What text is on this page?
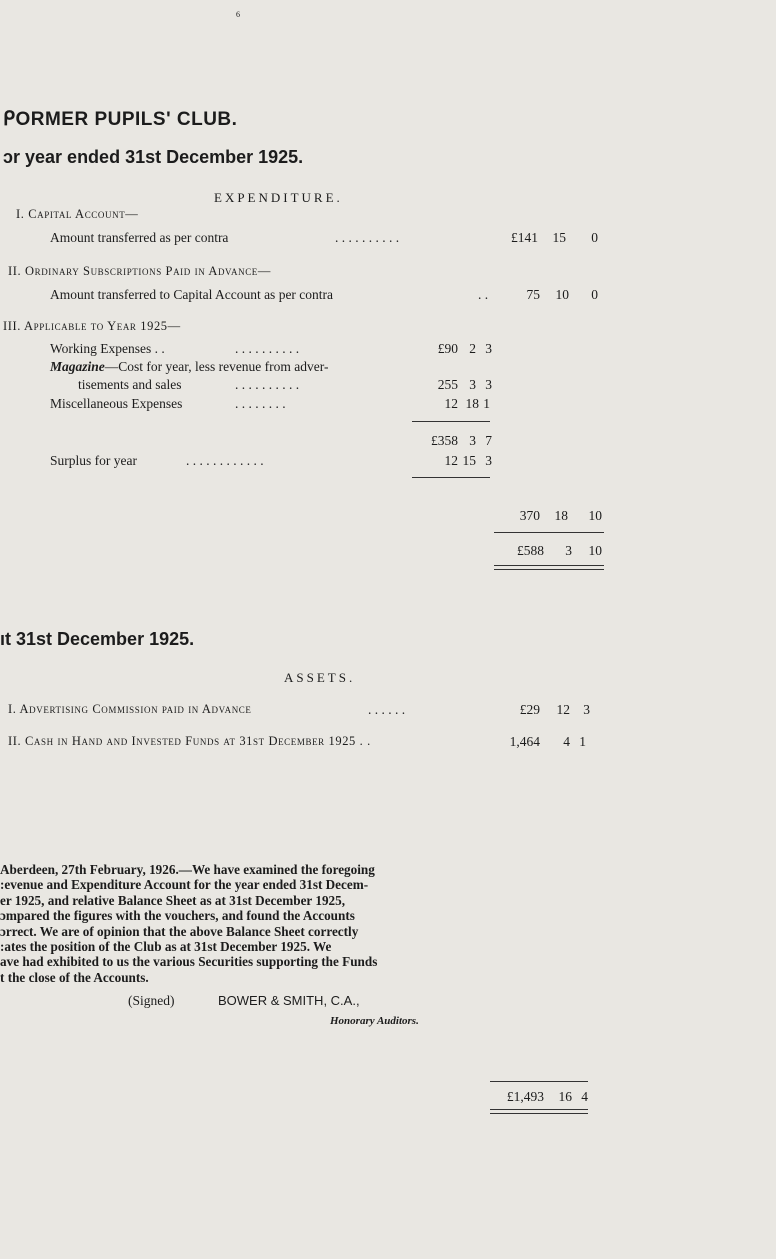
6
ᑭORMER PUPILS' CLUB.
ɔr year ended 31st December 1925.
EXPENDITURE.
I. Capital Account—
Amount transferred as per contra	. . . . . . . . . .	£141 15 0
II. Ordinary Subscriptions Paid in Advance—
Amount transferred to Capital Account as per contra	. .	75 10 0
III. Applicable to Year 1925—
Working Expenses . .	. . . . . . . . . .	£90 2 3
Magazine—Cost for year, less revenue from adver-
tisements and sales	. . . . . . . . . .	255 3 3
Miscellaneous Expenses	. . . . . . . .	12 18 1
£358 3 7
Surplus for year	. . . . . . . . . . . .	12 15 3
370 18 10
£588 3 10
ıt 31st December 1925.
ASSETS.
I. Advertising Commission paid in Advance	. . . . . .	£29 12 3
II. Cash in Hand and Invested Funds at 31st December 1925 . .	1,464 4 1

Aberdeen, 27th February, 1926.—We have examined the foregoing

:evenue and Expenditure Account for the year ended 31st Decem-

er 1925, and relative Balance Sheet as at 31st December 1925,

ɔmpared the figures with the vouchers, and found the Accounts

ɔrrect. We are of opinion that the above Balance Sheet correctly

:ates the position of the Club as at 31st December 1925. We

ave had exhibited to us the various Securities supporting the Funds

t the close of the Accounts.

(Signed)	BOWER & SMITH, C.A.,
Honorary Auditors.
£1,493 16 4
